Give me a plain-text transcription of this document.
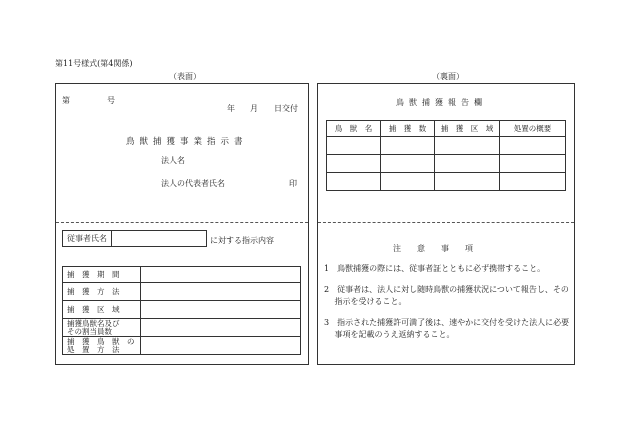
第11号様式(第4関係)
（表面）	（裏面）
第	号
年 月 日交付
鳥獣捕獲事業指示書
法人名
法人の代表者氏名	印
従事者氏名		に対する指示内容
捕　獲　期　間	

捕　獲　方　法	

捕　獲　区　域	

捕獲鳥獣名及び
その割当員数	

捕　獲　鳥　獣　の
処　置　方　法	

鳥獣捕獲報告欄
鳥　獣　名	捕　獲　数	捕　獲　区　域	処置の概要

注　　意　　事　　項
1　鳥獣捕獲の際には、従事者証とともに必ず携帯すること。
2　従事者は、法人に対し随時鳥獣の捕獲状況について報告し、その
　 指示を受けること。
3　指示された捕獲許可満了後は、速やかに交付を受けた法人に必要
　 事項を記載のうえ返納すること。
